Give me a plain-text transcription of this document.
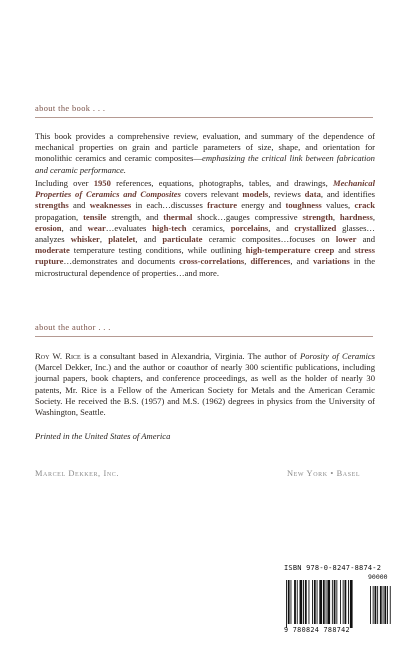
about the book . . .
This book provides a comprehensive review, evaluation, and summary of the dependence of mechanical properties on grain and particle parameters of size, shape, and orientation for monolithic ceramics and ceramic composites—emphasizing the critical link between fabrication and ceramic performance.
Including over 1950 references, equations, photographs, tables, and drawings, Mechanical Properties of Ceramics and Composites covers relevant models, reviews data, and identifies strengths and weaknesses in each…discusses fracture energy and toughness values, crack propagation, tensile strength, and thermal shock…gauges compressive strength, hardness, erosion, and wear…evaluates high-tech ceramics, porcelains, and crystallized glasses…analyzes whisker, platelet, and particulate ceramic composites…focuses on lower and moderate temperature testing conditions, while outlining high-temperature creep and stress rupture…demonstrates and documents cross-correlations, differences, and variations in the microstructural dependence of properties…and more.
about the author . . .
Roy W. Rice is a consultant based in Alexandria, Virginia. The author of Porosity of Ceramics (Marcel Dekker, Inc.) and the author or coauthor of nearly 300 scientific publications, including journal papers, book chapters, and conference proceedings, as well as the holder of nearly 30 patents, Mr. Rice is a Fellow of the American Society for Metals and the American Ceramic Society. He received the B.S. (1957) and M.S. (1962) degrees in physics from the University of Washington, Seattle.
Printed in the United States of America
Marcel Dekker, Inc.	New York • Basel
ISBN 978-0-8247-8874-2
90000
9 780824 788742
